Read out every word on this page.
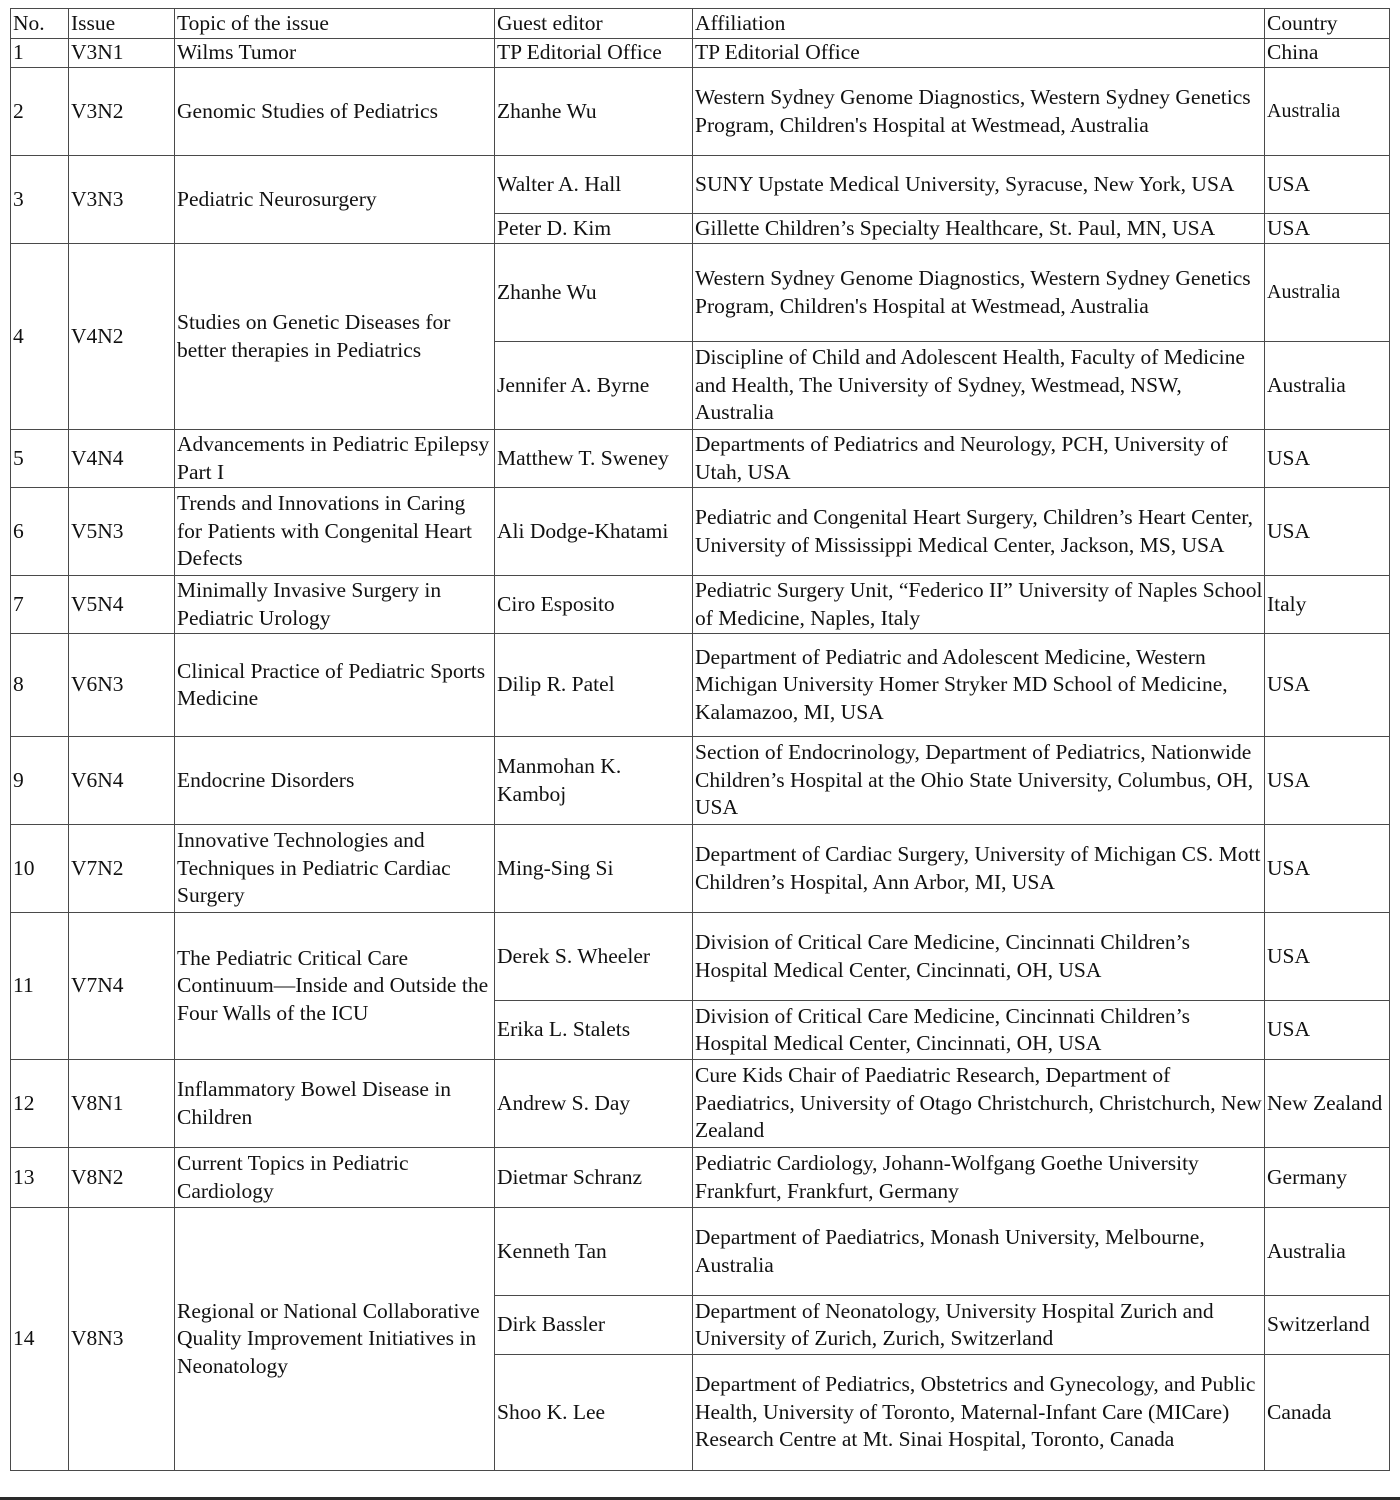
No.	Issue	Topic of the issue	Guest editor	Affiliation	Country
1	V3N1	Wilms Tumor	TP Editorial Office	TP Editorial Office	China
2	V3N2	Genomic Studies of Pediatrics	Zhanhe Wu	Western Sydney Genome Diagnostics, Western Sydney Genetics Program, Children's Hospital at Westmead, Australia	Australia
3	V3N3	Pediatric Neurosurgery	Walter A. Hall	SUNY Upstate Medical University, Syracuse, New York, USA	USA
			Peter D. Kim	Gillette Children’s Specialty Healthcare, St. Paul, MN, USA	USA
4	V4N2	Studies on Genetic Diseases for better therapies in Pediatrics	Zhanhe Wu	Western Sydney Genome Diagnostics, Western Sydney Genetics Program, Children's Hospital at Westmead, Australia	Australia
			Jennifer A. Byrne	Discipline of Child and Adolescent Health, Faculty of Medicine and Health, The University of Sydney, Westmead, NSW, Australia	Australia
5	V4N4	Advancements in Pediatric Epilepsy Part I	Matthew T. Sweney	Departments of Pediatrics and Neurology, PCH, University of Utah, USA	USA
6	V5N3	Trends and Innovations in Caring for Patients with Congenital Heart Defects	Ali Dodge-Khatami	Pediatric and Congenital Heart Surgery, Children’s Heart Center, University of Mississippi Medical Center, Jackson, MS, USA	USA
7	V5N4	Minimally Invasive Surgery in Pediatric Urology	Ciro Esposito	Pediatric Surgery Unit, “Federico II” University of Naples School of Medicine, Naples, Italy	Italy
8	V6N3	Clinical Practice of Pediatric Sports Medicine	Dilip R. Patel	Department of Pediatric and Adolescent Medicine, Western Michigan University Homer Stryker MD School of Medicine, Kalamazoo, MI, USA	USA
9	V6N4	Endocrine Disorders	Manmohan K. Kamboj	Section of Endocrinology, Department of Pediatrics, Nationwide Children’s Hospital at the Ohio State University, Columbus, OH, USA	USA
10	V7N2	Innovative Technologies and Techniques in Pediatric Cardiac Surgery	Ming-Sing Si	Department of Cardiac Surgery, University of Michigan CS. Mott Children’s Hospital, Ann Arbor, MI, USA	USA
11	V7N4	The Pediatric Critical Care Continuum—Inside and Outside the Four Walls of the ICU	Derek S. Wheeler	Division of Critical Care Medicine, Cincinnati Children’s Hospital Medical Center, Cincinnati, OH, USA	USA
			Erika L. Stalets	Division of Critical Care Medicine, Cincinnati Children’s Hospital Medical Center, Cincinnati, OH, USA	USA
12	V8N1	Inflammatory Bowel Disease in Children	Andrew S. Day	Cure Kids Chair of Paediatric Research, Department of Paediatrics, University of Otago Christchurch, Christchurch, New Zealand	New Zealand
13	V8N2	Current Topics in Pediatric Cardiology	Dietmar Schranz	Pediatric Cardiology, Johann-Wolfgang Goethe University Frankfurt, Frankfurt, Germany	Germany
14	V8N3	Regional or National Collaborative Quality Improvement Initiatives in Neonatology	Kenneth Tan	Department of Paediatrics, Monash University, Melbourne, Australia	Australia
			Dirk Bassler	Department of Neonatology, University Hospital Zurich and University of Zurich, Zurich, Switzerland	Switzerland
			Shoo K. Lee	Department of Pediatrics, Obstetrics and Gynecology, and Public Health, University of Toronto, Maternal-Infant Care (MICare) Research Centre at Mt. Sinai Hospital, Toronto, Canada	Canada
